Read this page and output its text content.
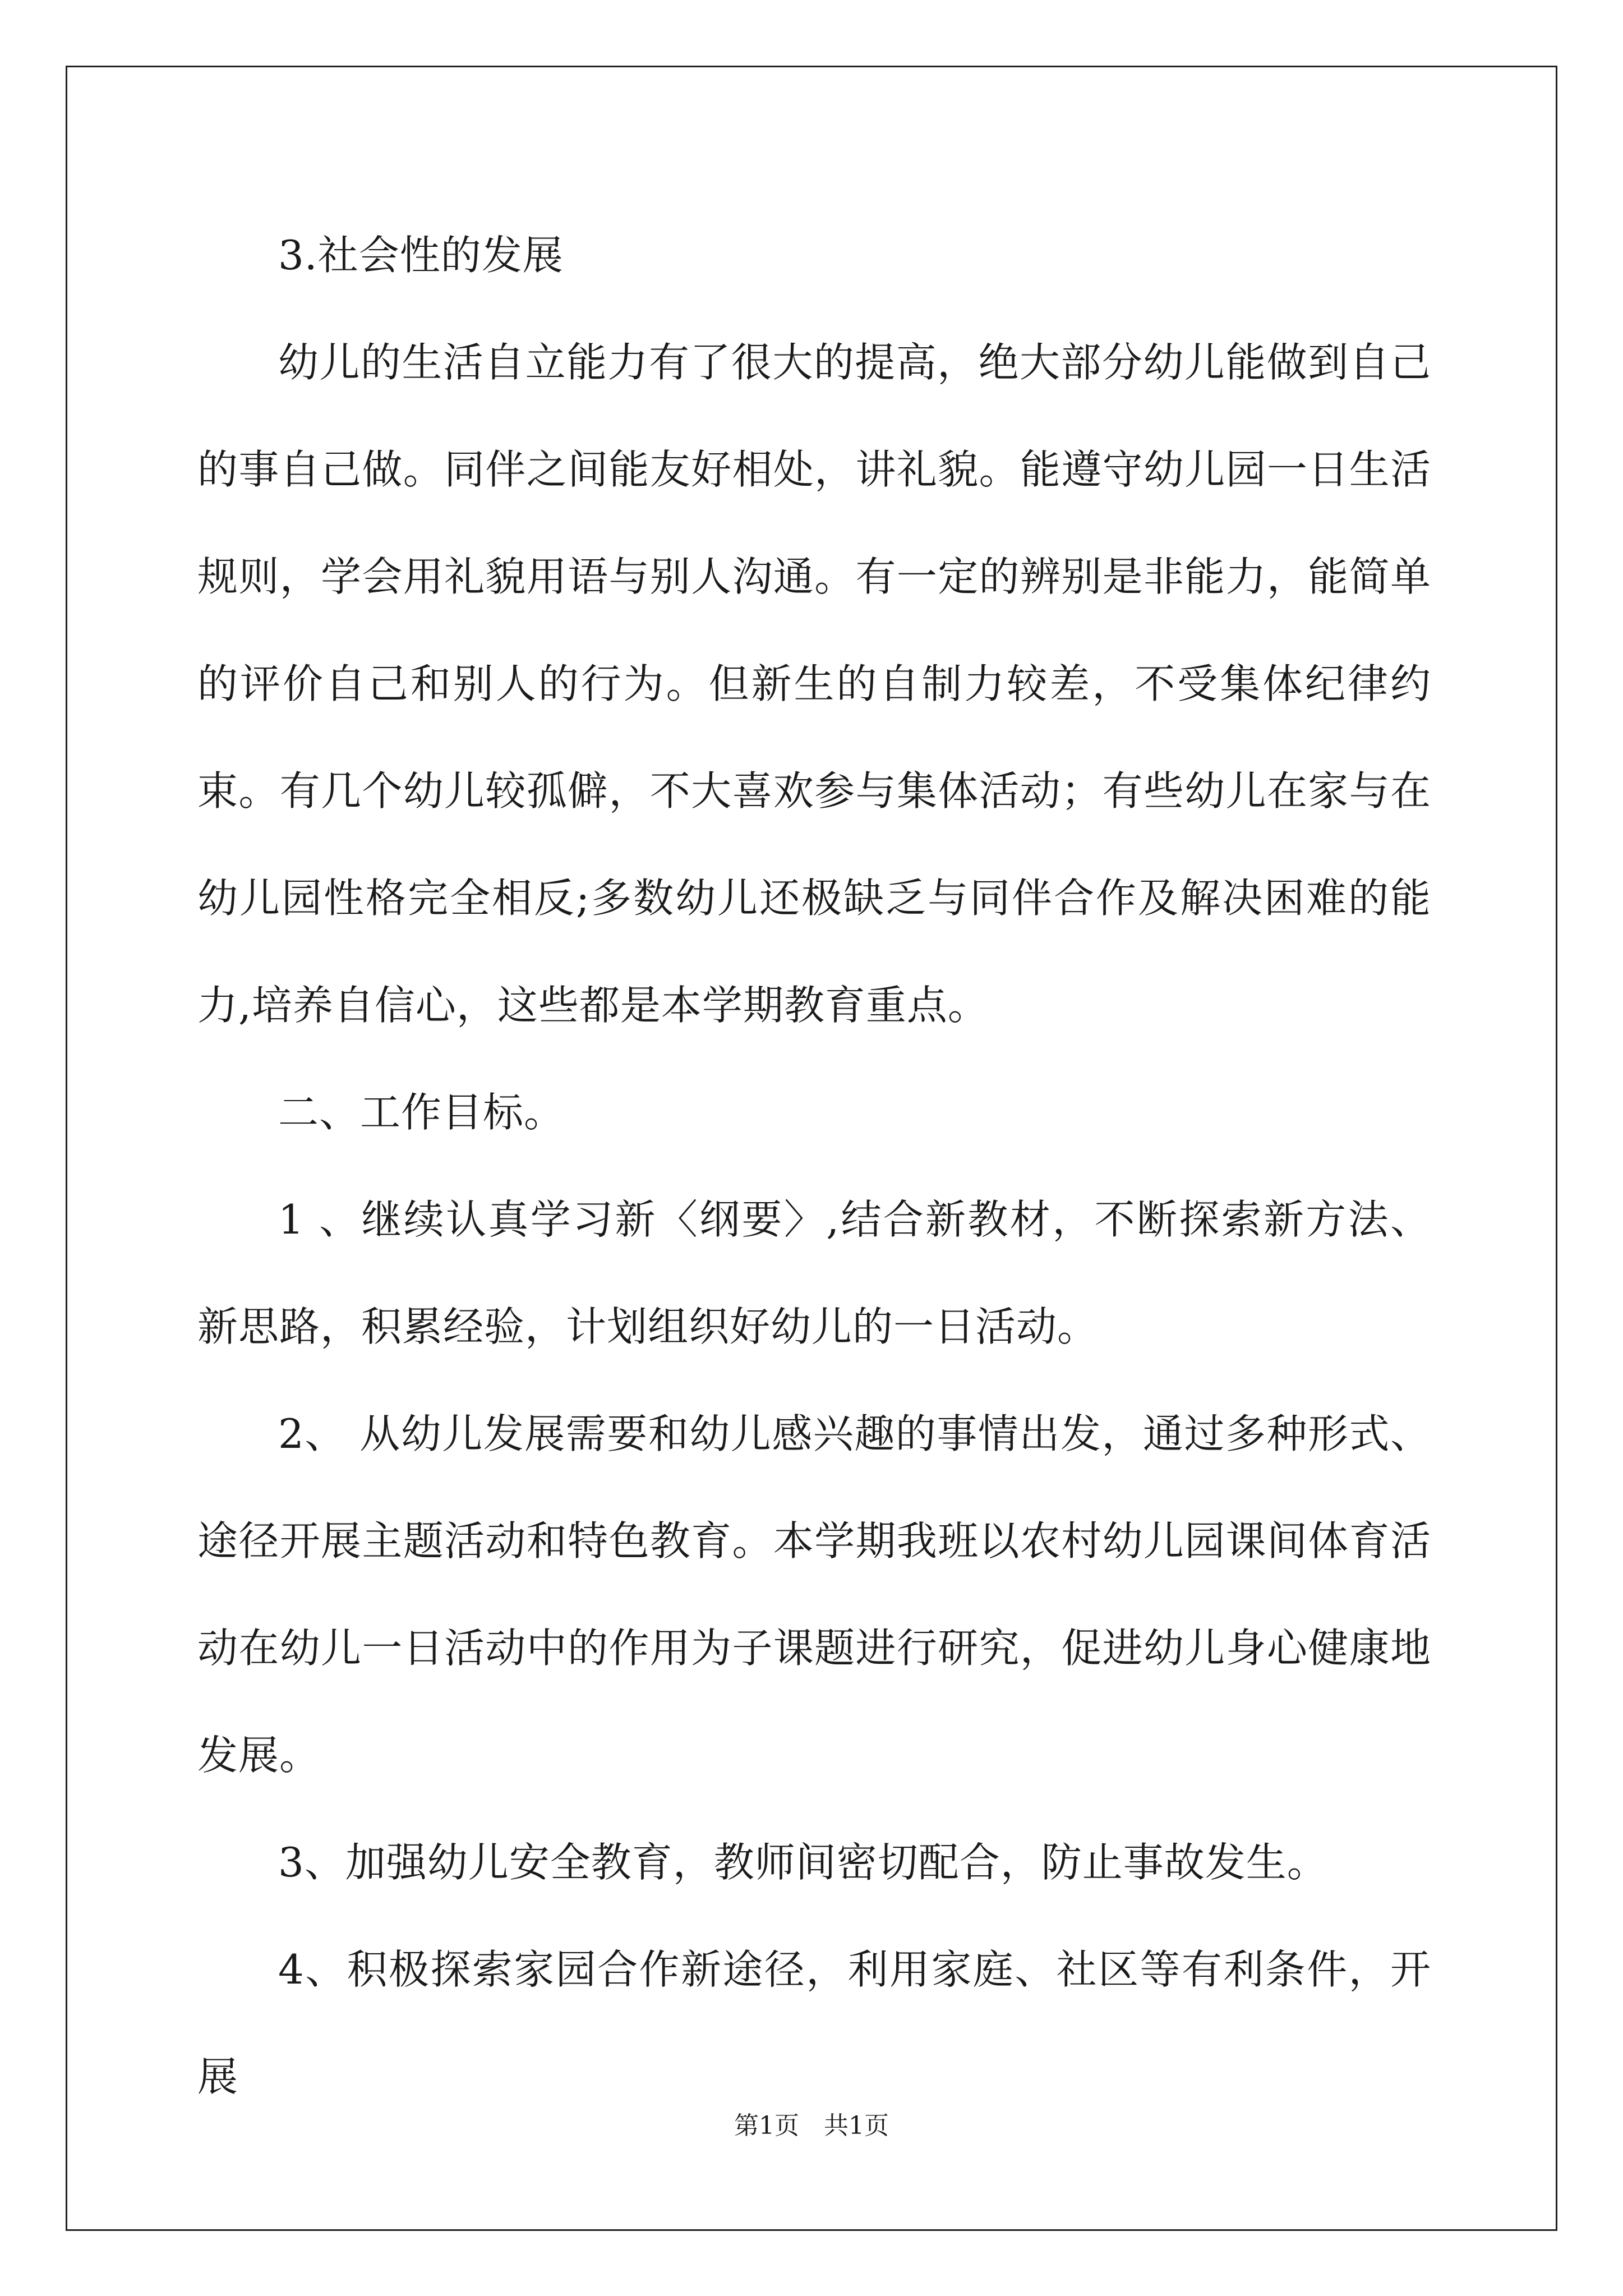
3.社会性的发展

幼儿的生活自立能力有了很大的提高，绝大部分幼儿能做到自己的事自己做。同伴之间能友好相处，讲礼貌。能遵守幼儿园一日生活规则，学会用礼貌用语与别人沟通。有一定的辨别是非能力，能简单的评价自己和别人的行为。但新生的自制力较差，不受集体纪律约束。有几个幼儿较孤僻，不大喜欢参与集体活动；有些幼儿在家与在幼儿园性格完全相反;多数幼儿还极缺乏与同伴合作及解决困难的能力,培养自信心，这些都是本学期教育重点。

二、工作目标。

1 、继续认真学习新〈纲要〉,结合新教材，不断探索新方法、新思路，积累经验，计划组织好幼儿的一日活动。

2、 从幼儿发展需要和幼儿感兴趣的事情出发，通过多种形式、途径开展主题活动和特色教育。本学期我班以农村幼儿园课间体育活动在幼儿一日活动中的作用为子课题进行研究，促进幼儿身心健康地发展。

3、加强幼儿安全教育，教师间密切配合，防止事故发生。

4、积极探索家园合作新途径，利用家庭、社区等有利条件，开展

第1页　共1页
